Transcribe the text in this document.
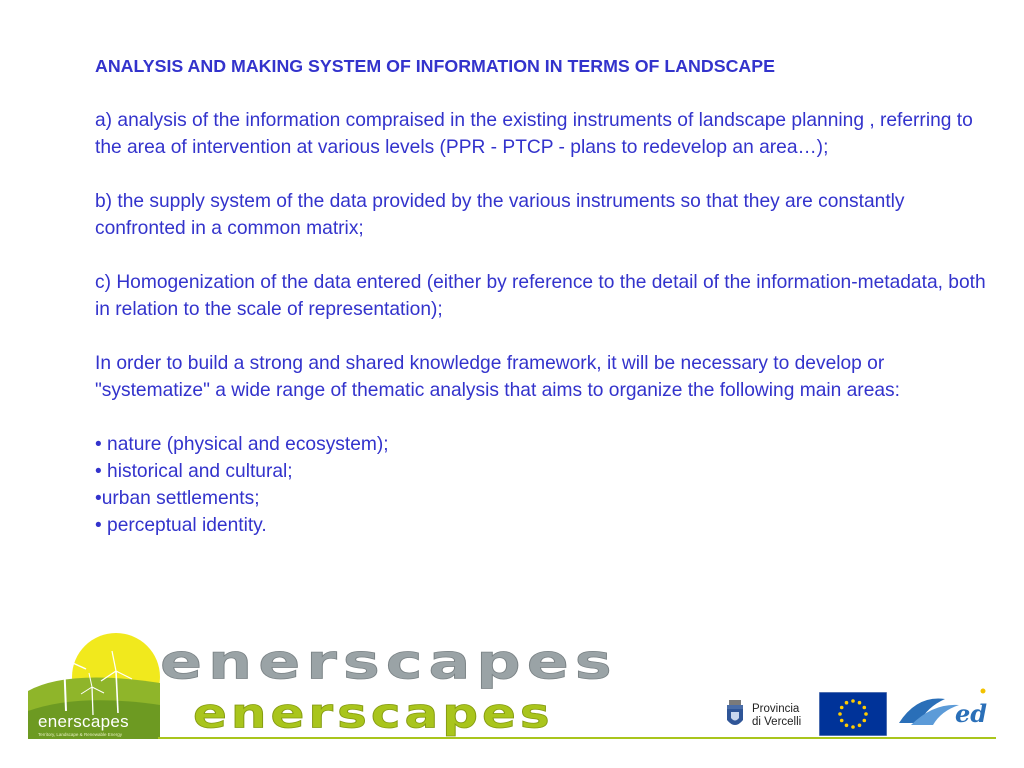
ANALYSIS AND MAKING SYSTEM OF INFORMATION IN TERMS OF LANDSCAPE
a) analysis of the information compraised in the existing instruments of landscape planning , referring to the area of intervention at various levels (PPR - PTCP - plans to redevelop an area…);
b) the supply system of the data provided by the various instruments so that they are constantly confronted in a common matrix;
c) Homogenization of the data entered (either by reference to the detail of the information-metadata, both in relation to the scale of representation);
In order to build a strong and shared knowledge framework, it will be necessary to develop or "systematize" a wide range of thematic analysis that aims to organize the following main areas:
• nature (physical and ecosystem);
• historical and cultural;
•urban settlements;
• perceptual identity.
enerscapes
Territory, Landscape & Renewable Energy
enerscapes
enerscapes	Provincia
di Vercelli	ed
